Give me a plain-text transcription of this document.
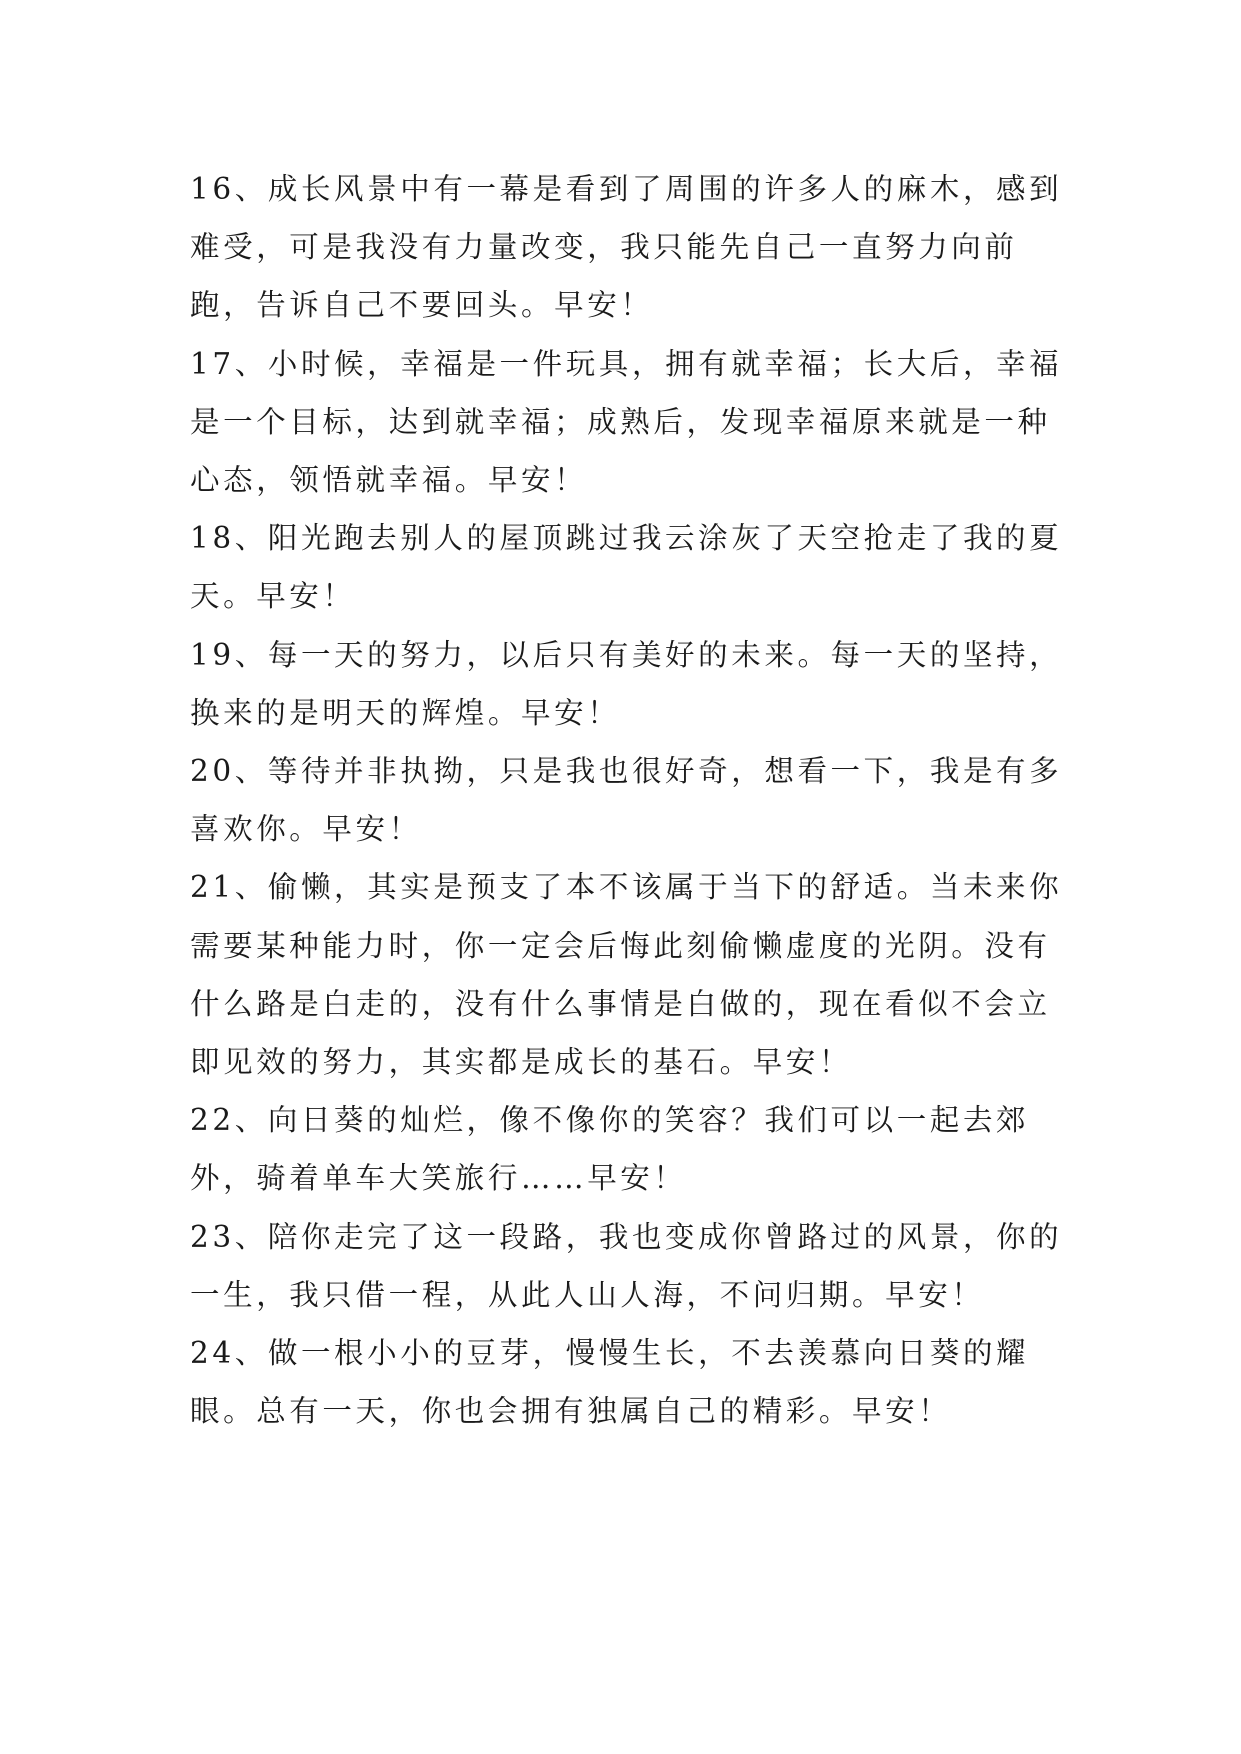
16、成长风景中有一幕是看到了周围的许多人的麻木，感到难受，可是我没有力量改变，我只能先自己一直努力向前跑，告诉自己不要回头。早安！

17、小时候，幸福是一件玩具，拥有就幸福；长大后，幸福是一个目标，达到就幸福；成熟后，发现幸福原来就是一种心态，领悟就幸福。早安！

18、阳光跑去别人的屋顶跳过我云涂灰了天空抢走了我的夏天。早安！

19、每一天的努力，以后只有美好的未来。每一天的坚持，换来的是明天的辉煌。早安！

20、等待并非执拗，只是我也很好奇，想看一下，我是有多喜欢你。早安！

21、偷懒，其实是预支了本不该属于当下的舒适。当未来你需要某种能力时，你一定会后悔此刻偷懒虚度的光阴。没有什么路是白走的，没有什么事情是白做的，现在看似不会立即见效的努力，其实都是成长的基石。早安！

22、向日葵的灿烂，像不像你的笑容？我们可以一起去郊外，骑着单车大笑旅行……早安！

23、陪你走完了这一段路，我也变成你曾路过的风景，你的一生，我只借一程，从此人山人海，不问归期。早安！

24、做一根小小的豆芽，慢慢生长，不去羡慕向日葵的耀眼。总有一天，你也会拥有独属自己的精彩。早安！
